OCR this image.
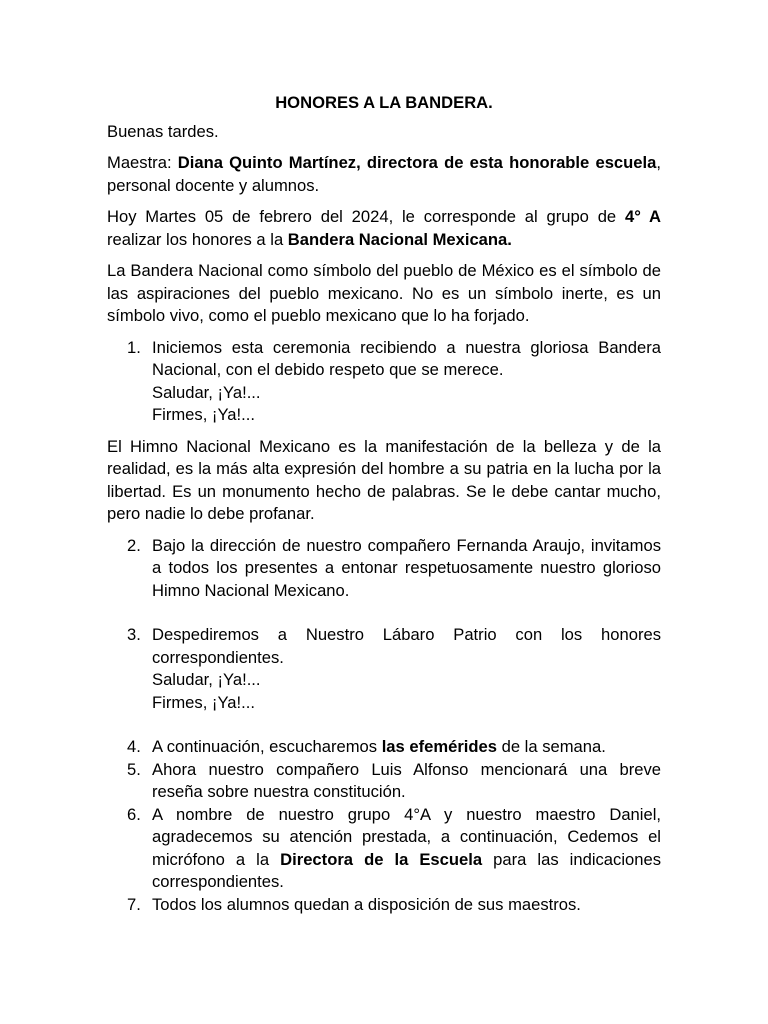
HONORES A LA BANDERA.

Buenas tardes.

Maestra: Diana Quinto Martínez, directora de esta honorable escuela, personal docente y alumnos.

Hoy Martes 05 de febrero del 2024, le corresponde al grupo de 4° A realizar los honores a la Bandera Nacional Mexicana.

La Bandera Nacional como símbolo del pueblo de México es el símbolo de las aspiraciones del pueblo mexicano. No es un símbolo inerte, es un símbolo vivo, como el pueblo mexicano que lo ha forjado.

1. Iniciemos esta ceremonia recibiendo a nuestra gloriosa Bandera Nacional, con el debido respeto que se merece.
Saludar, ¡Ya!...
Firmes, ¡Ya!...

El Himno Nacional Mexicano es la manifestación de la belleza y de la realidad, es la más alta expresión del hombre a su patria en la lucha por la libertad. Es un monumento hecho de palabras. Se le debe cantar mucho, pero nadie lo debe profanar.

2. Bajo la dirección de nuestro compañero Fernanda Araujo, invitamos a todos los presentes a entonar respetuosamente nuestro glorioso Himno Nacional Mexicano.
3. Despediremos a Nuestro Lábaro Patrio con los honores correspondientes.
Saludar, ¡Ya!...
Firmes, ¡Ya!...
4. A continuación, escucharemos las efemérides de la semana.
5. Ahora nuestro compañero Luis Alfonso mencionará una breve reseña sobre nuestra constitución.
6. A nombre de nuestro grupo 4°A y nuestro maestro Daniel, agradecemos su atención prestada, a continuación, Cedemos el micrófono a la Directora de la Escuela para las indicaciones correspondientes.
7. Todos los alumnos quedan a disposición de sus maestros.
